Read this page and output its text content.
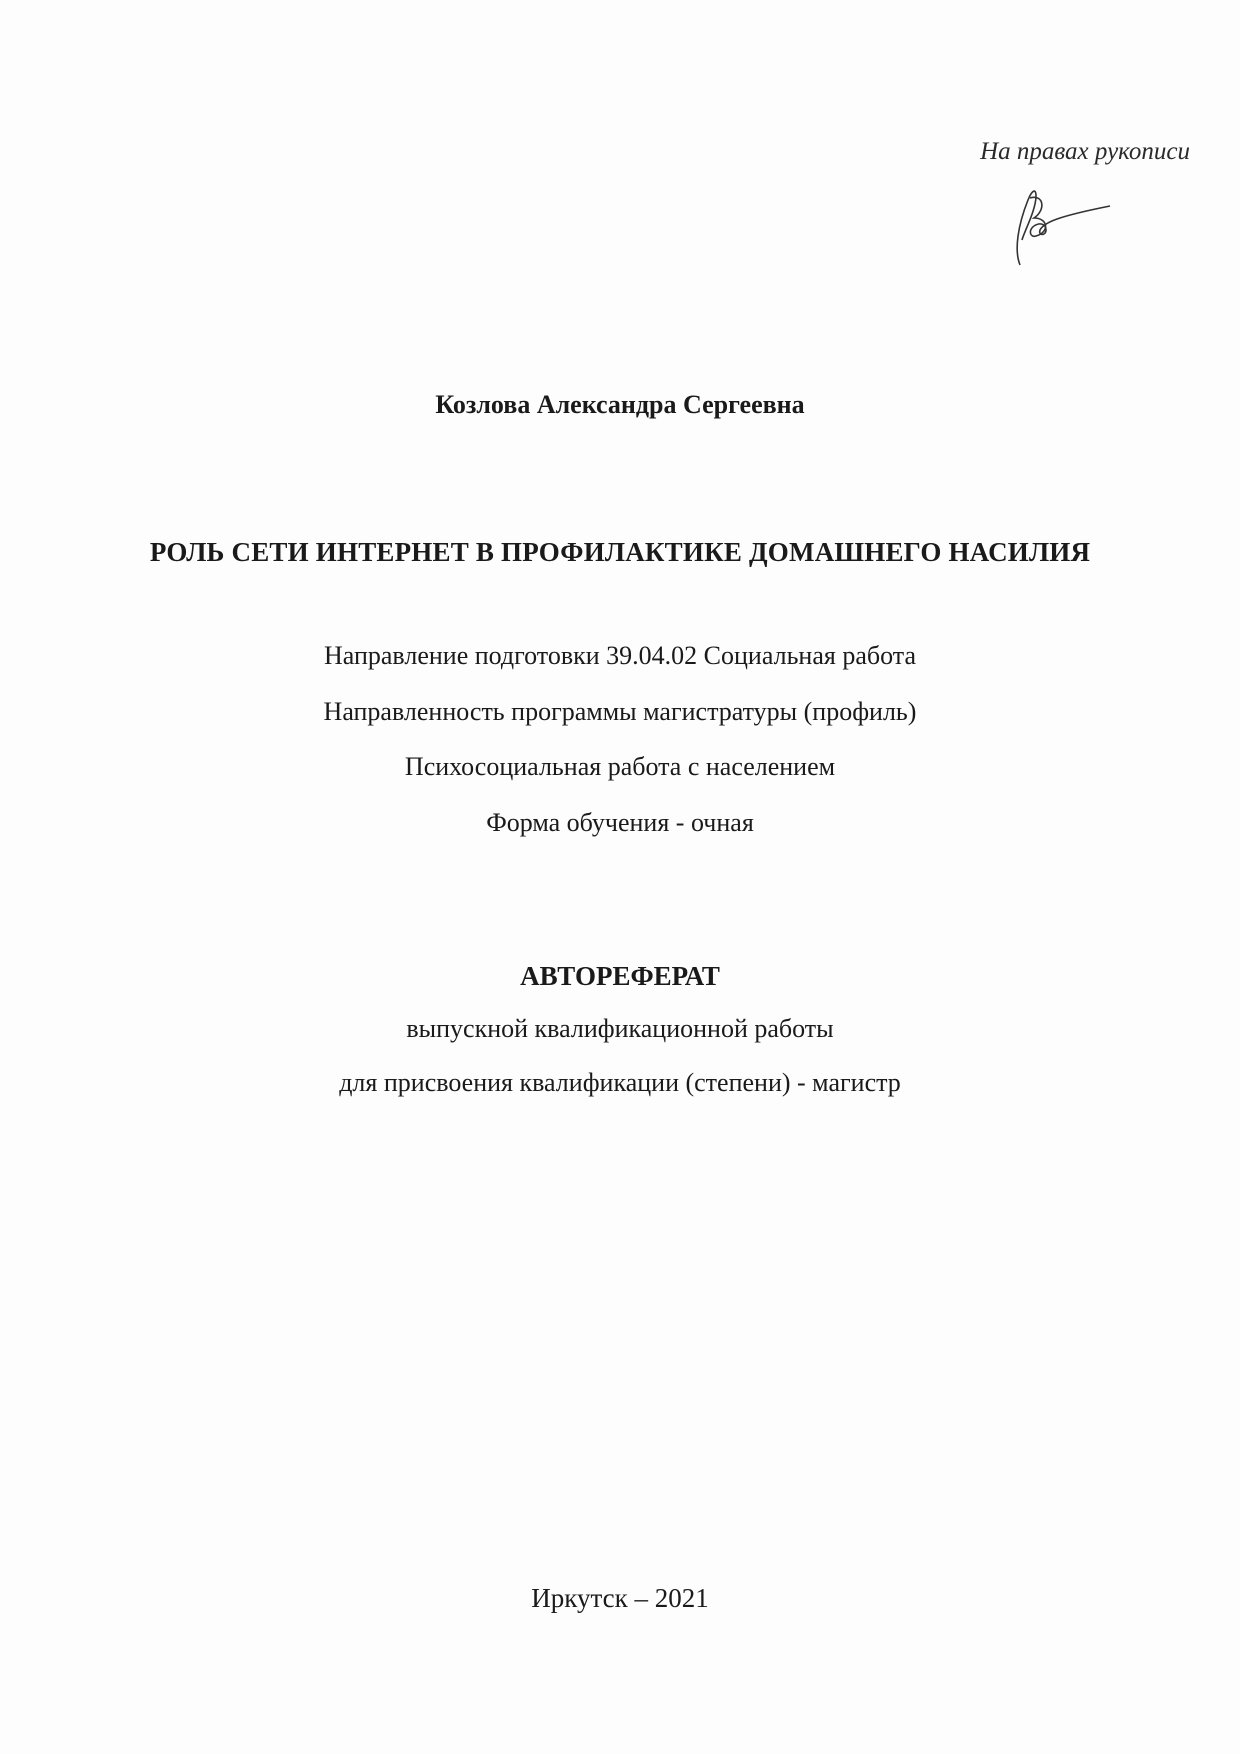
На правах рукописи
Козлова Александра Сергеевна
РОЛЬ СЕТИ ИНТЕРНЕТ В ПРОФИЛАКТИКЕ ДОМАШНЕГО НАСИЛИЯ
Направление подготовки 39.04.02 Социальная работа
Направленность программы магистратуры (профиль)
Психосоциальная работа с населением
Форма обучения - очная
АВТОРЕФЕРАТ
выпускной квалификационной работы
для присвоения квалификации (степени) - магистр
Иркутск – 2021
